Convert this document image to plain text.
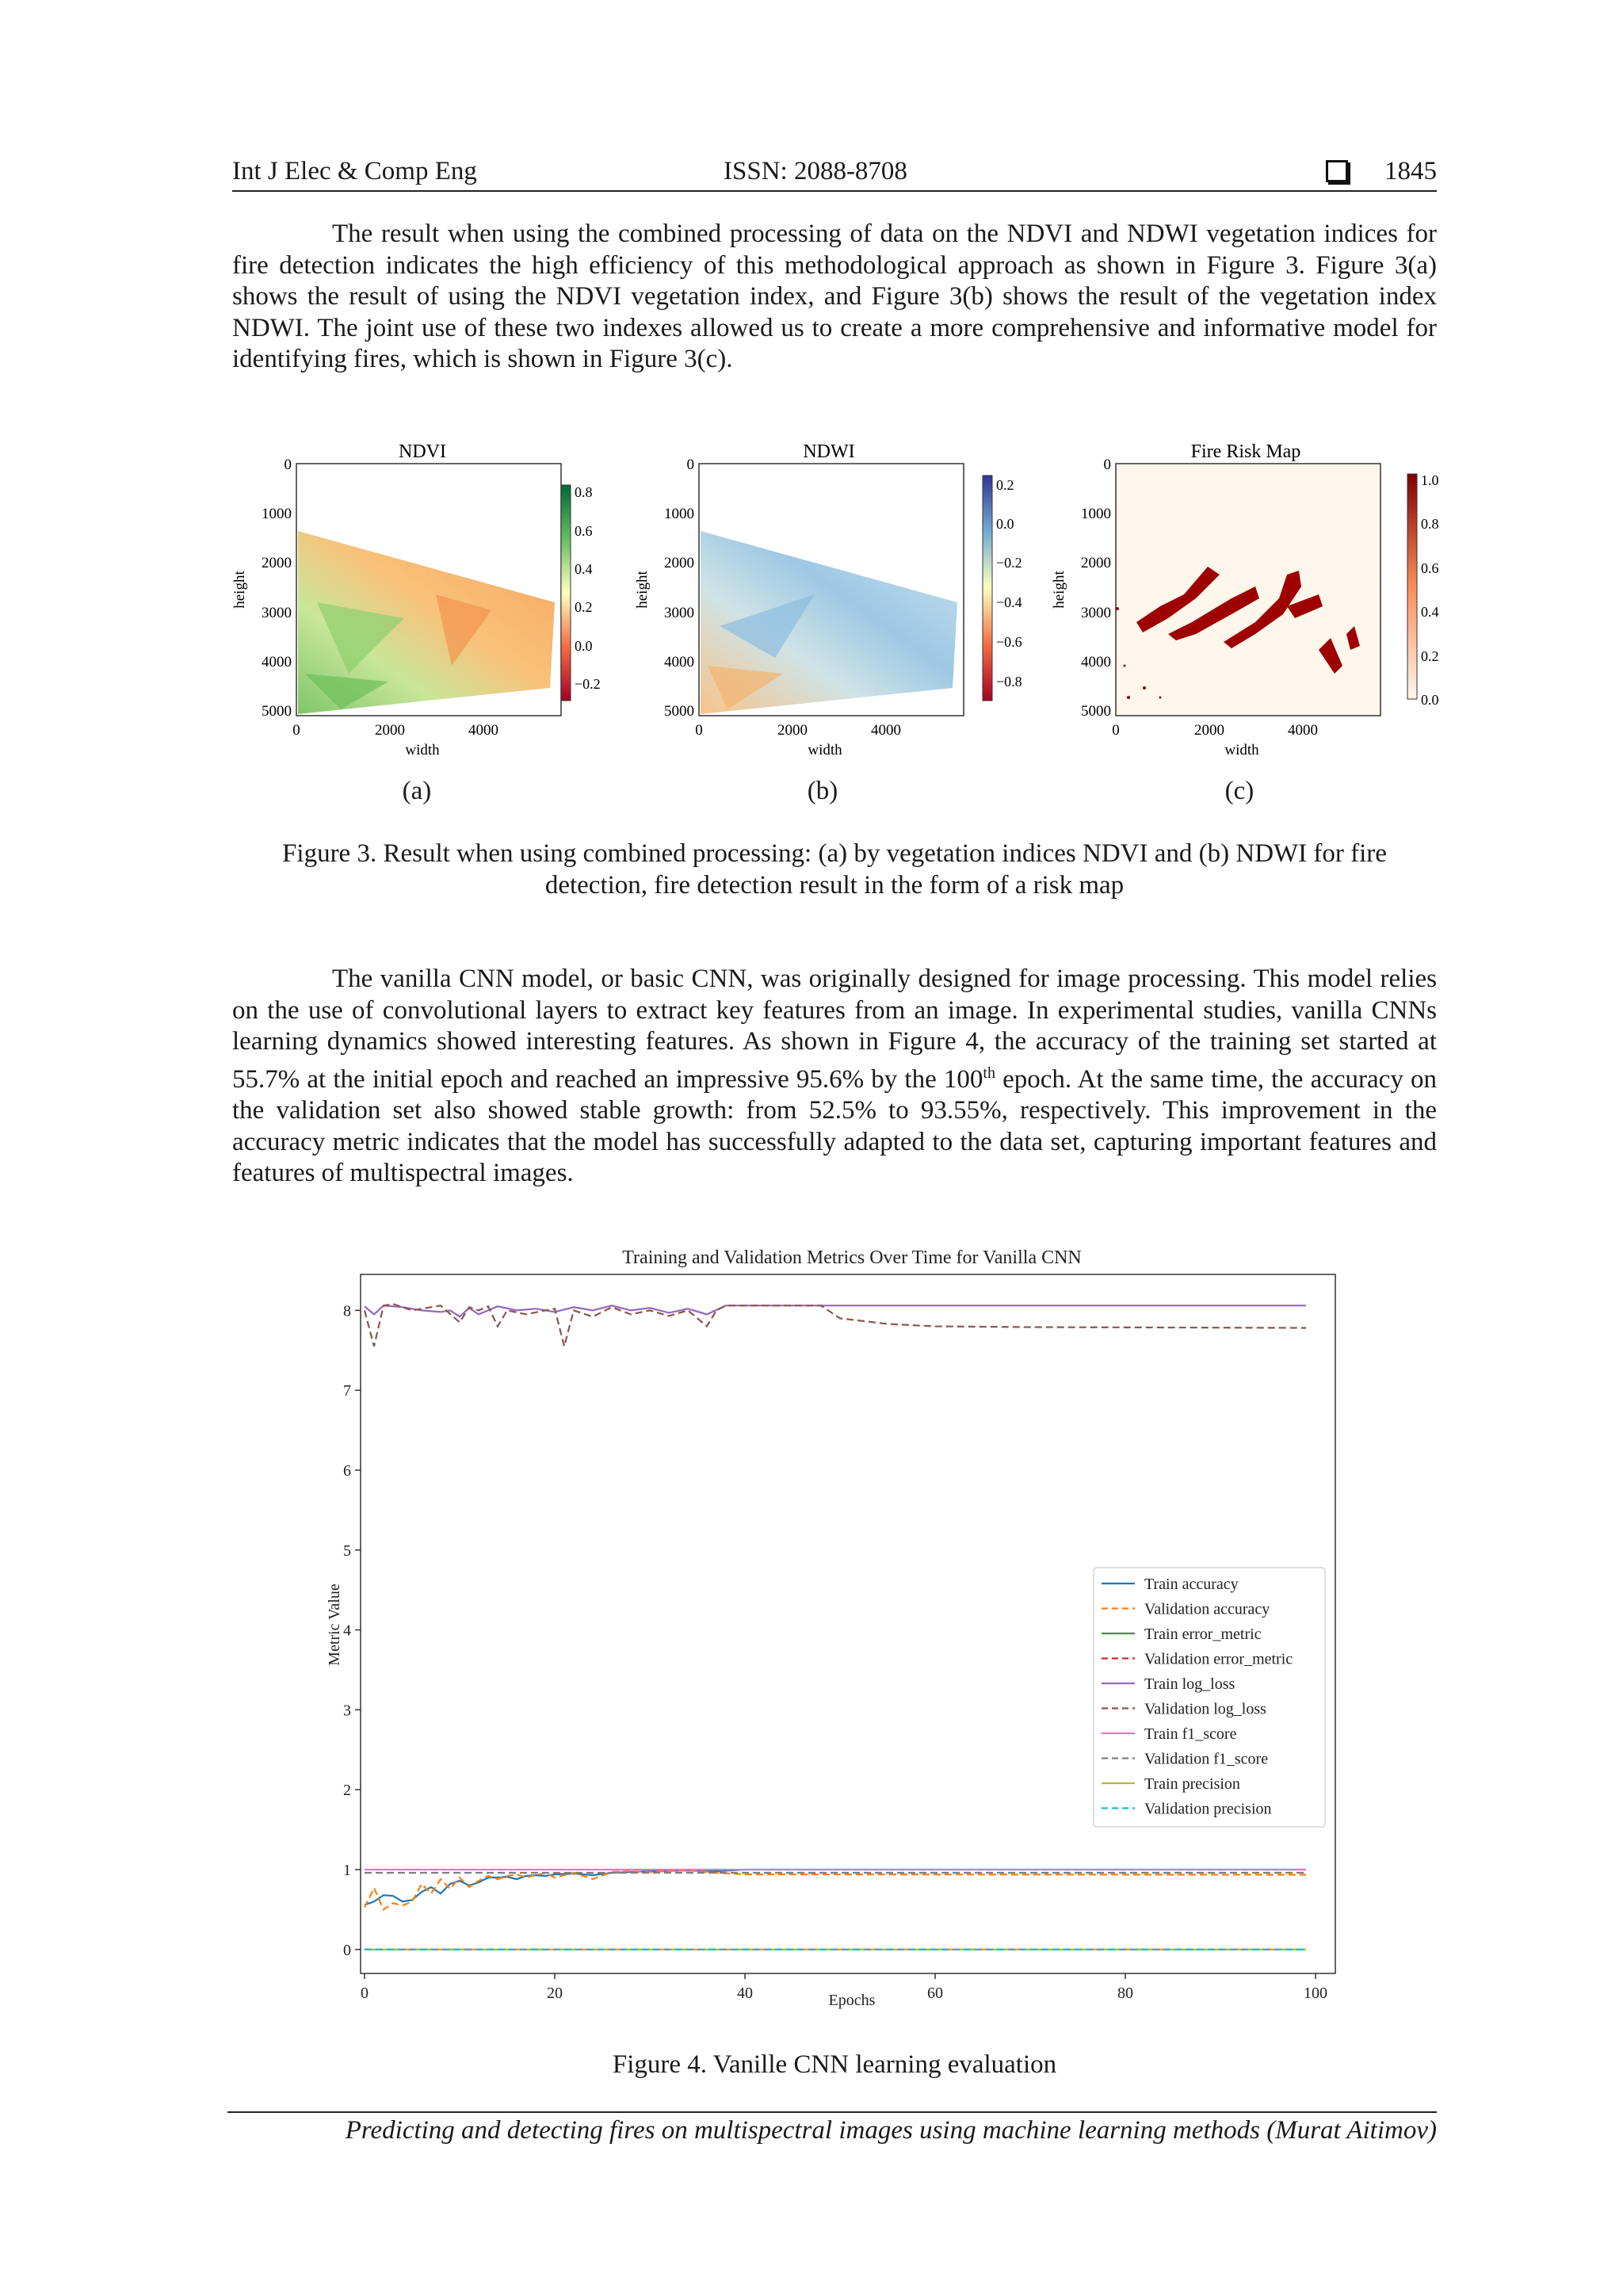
Int J Elec & Comp Eng	ISSN: 2088-8708	1845

The result when using the combined processing of data on the NDVI and NDWI vegetation indices for fire detection indicates the high efficiency of this methodological approach as shown in Figure 3. Figure 3(a) shows the result of using the NDVI vegetation index, and Figure 3(b) shows the result of the vegetation index NDWI. The joint use of these two indexes allowed us to create a more comprehensive and informative model for identifying fires, which is shown in Figure 3(c).

NDVI
0
1000
2000
3000
4000
5000
0	2000	4000
width
height
0.8
0.6
0.4
0.2
0.0
−0.2
NDWI
0
1000
2000
3000
4000
5000
0	2000	4000
width
height
0.2
0.0
−0.2
−0.4
−0.6
−0.8
Fire Risk Map
0
1000
2000
3000
4000
5000
0	2000	4000
width
height
1.0
0.8
0.6
0.4
0.2
0.0
(a)	(b)	(c)
Figure 3. Result when using combined processing: (a) by vegetation indices NDVI and (b) NDWI for fire
detection, fire detection result in the form of a risk map

The vanilla CNN model, or basic CNN, was originally designed for image processing. This model relies on the use of convolutional layers to extract key features from an image. In experimental studies, vanilla CNNs learning dynamics showed interesting features. As shown in Figure 4, the accuracy of the training set started at 55.7% at the initial epoch and reached an impressive 95.6% by the 100th epoch. At the same time, the accuracy on the validation set also showed stable growth: from 52.5% to 93.55%, respectively. This improvement in the accuracy metric indicates that the model has successfully adapted to the data set, capturing important features and features of multispectral images.

Training and Validation Metrics Over Time for Vanilla CNN
0
1
2
3
4
5
6
7
8
0	20	40	60	80	100
Train accuracy
Validation accuracy
Train error_metric
Validation error_metric
Train log_loss
Validation log_loss
Train f1_score
Validation f1_score
Train precision
Validation precision
Epochs
Metric Value
Figure 4. Vanille CNN learning evaluation
Predicting and detecting fires on multispectral images using machine learning methods (Murat Aitimov)
